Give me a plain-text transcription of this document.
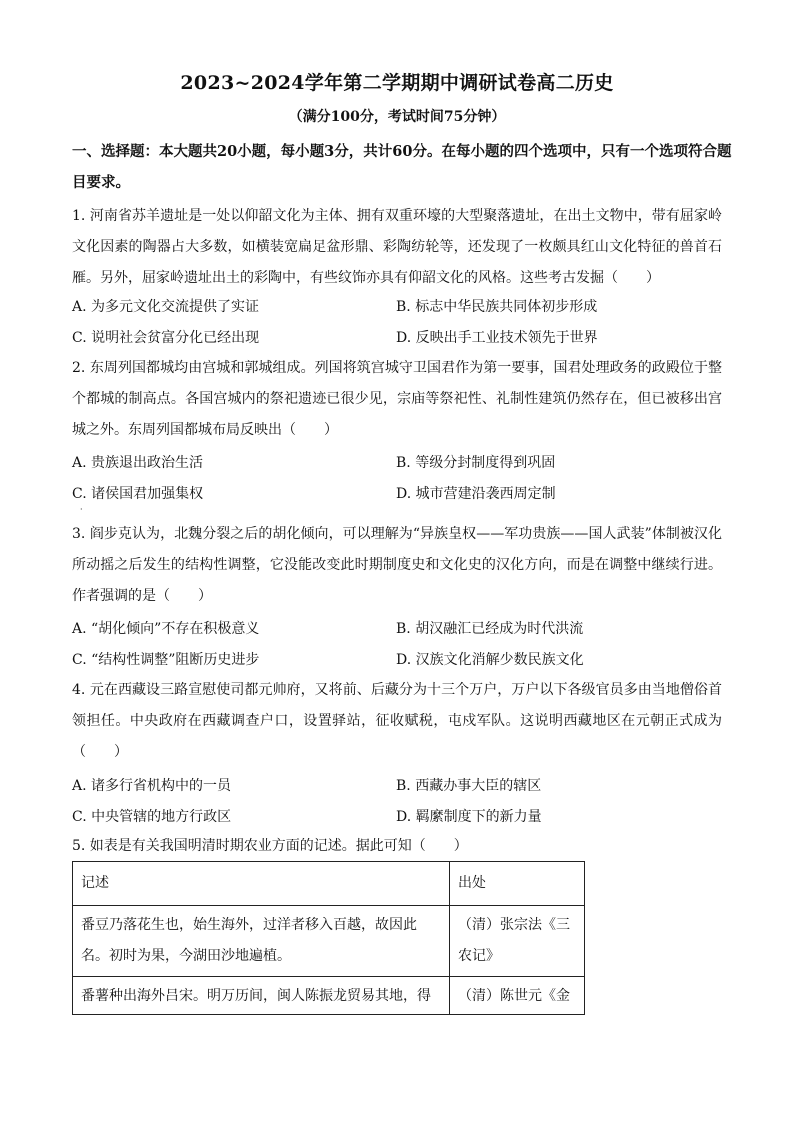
2023~2024学年第二学期期中调研试卷高二历史
（满分100分，考试时间75分钟）
一、选择题：本大题共20小题，每小题3分，共计60分。在每小题的四个选项中，只有一个选项符合题目要求。
1. 河南省苏羊遗址是一处以仰韶文化为主体、拥有双重环壕的大型聚落遗址，在出土文物中，带有屈家岭文化因素的陶器占大多数，如横装宽扁足盆形鼎、彩陶纺轮等，还发现了一枚颇具红山文化特征的兽首石雁。另外，屈家岭遗址出土的彩陶中，有些纹饰亦具有仰韶文化的风格。这些考古发掘（　　）
A. 为多元文化交流提供了实证	B. 标志中华民族共同体初步形成
C. 说明社会贫富分化已经出现	D. 反映出手工业技术领先于世界
2. 东周列国都城均由宫城和郭城组成。列国将筑宫城守卫国君作为第一要事，国君处理政务的政殿位于整个都城的制高点。各国宫城内的祭祀遗迹已很少见，宗庙等祭祀性、礼制性建筑仍然存在，但已被移出宫城之外。东周列国都城布局反映出（　　）
A. 贵族退出政治生活	B. 等级分封制度得到巩固
C. 诸侯国君加强集权	D. 城市营建沿袭西周定制
·
3. 阎步克认为，北魏分裂之后的胡化倾向，可以理解为“异族皇权——军功贵族——国人武装”体制被汉化所动摇之后发生的结构性调整，它没能改变此时期制度史和文化史的汉化方向，而是在调整中继续行进。作者强调的是（　　）
A. “胡化倾向”不存在积极意义	B. 胡汉融汇已经成为时代洪流
C. “结构性调整”阻断历史进步	D. 汉族文化消解少数民族文化
4. 元在西藏设三路宣慰使司都元帅府，又将前、后藏分为十三个万户，万户以下各级官员多由当地僧俗首领担任。中央政府在西藏调查户口，设置驿站，征收赋税，屯戍军队。这说明西藏地区在元朝正式成为（　　）
A. 诸多行省机构中的一员	B. 西藏办事大臣的辖区
C. 中央管辖的地方行政区	D. 羁縻制度下的新力量
5. 如表是有关我国明清时期农业方面的记述。据此可知（　　）
记述	出处
番豆乃落花生也，始生海外，过洋者移入百越，故因此名。初时为果，今湖田沙地遍植。	（清）张宗法《三农记》
番薯种出海外吕宋。明万历间，闽人陈振龙贸易其地，得	（清）陈世元《金
